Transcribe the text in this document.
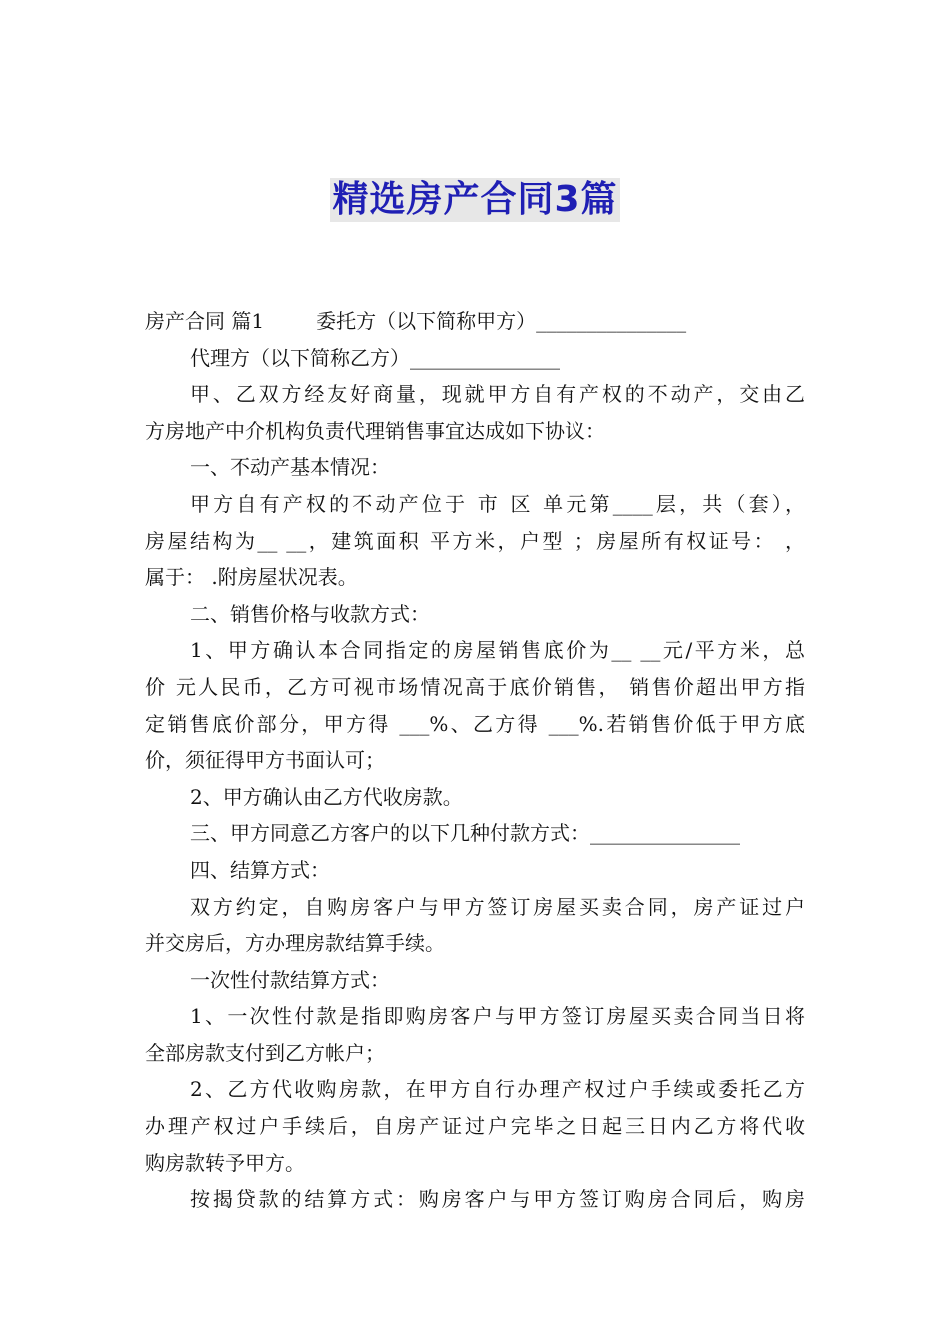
精选房产合同3篇
房产合同 篇1	委托方（以下简称甲方）_______________
代理方（以下简称乙方）_______________
甲、乙双方经友好商量，现就甲方自有产权的不动产，交由乙
方房地产中介机构负责代理销售事宜达成如下协议：
一、不动产基本情况：
甲方自有产权的不动产位于 市 区 单元第____层，共（套），
房屋结构为__ __，建筑面积 平方米，户型 ；房屋所有权证号： ，
属于： .附房屋状况表。
二、销售价格与收款方式：
1、甲方确认本合同指定的房屋销售底价为__ __元/平方米，总
价 元人民币，乙方可视市场情况高于底价销售， 销售价超出甲方指
定销售底价部分，甲方得 ___%、乙方得 ___%.若销售价低于甲方底
价，须征得甲方书面认可；
2、甲方确认由乙方代收房款。
三、甲方同意乙方客户的以下几种付款方式：_______________
四、结算方式：
双方约定，自购房客户与甲方签订房屋买卖合同，房产证过户
并交房后，方办理房款结算手续。
一次性付款结算方式：
1、一次性付款是指即购房客户与甲方签订房屋买卖合同当日将
全部房款支付到乙方帐户；
2、乙方代收购房款，在甲方自行办理产权过户手续或委托乙方
办理产权过户手续后，自房产证过户完毕之日起三日内乙方将代收
购房款转予甲方。
按揭贷款的结算方式：购房客户与甲方签订购房合同后，购房
